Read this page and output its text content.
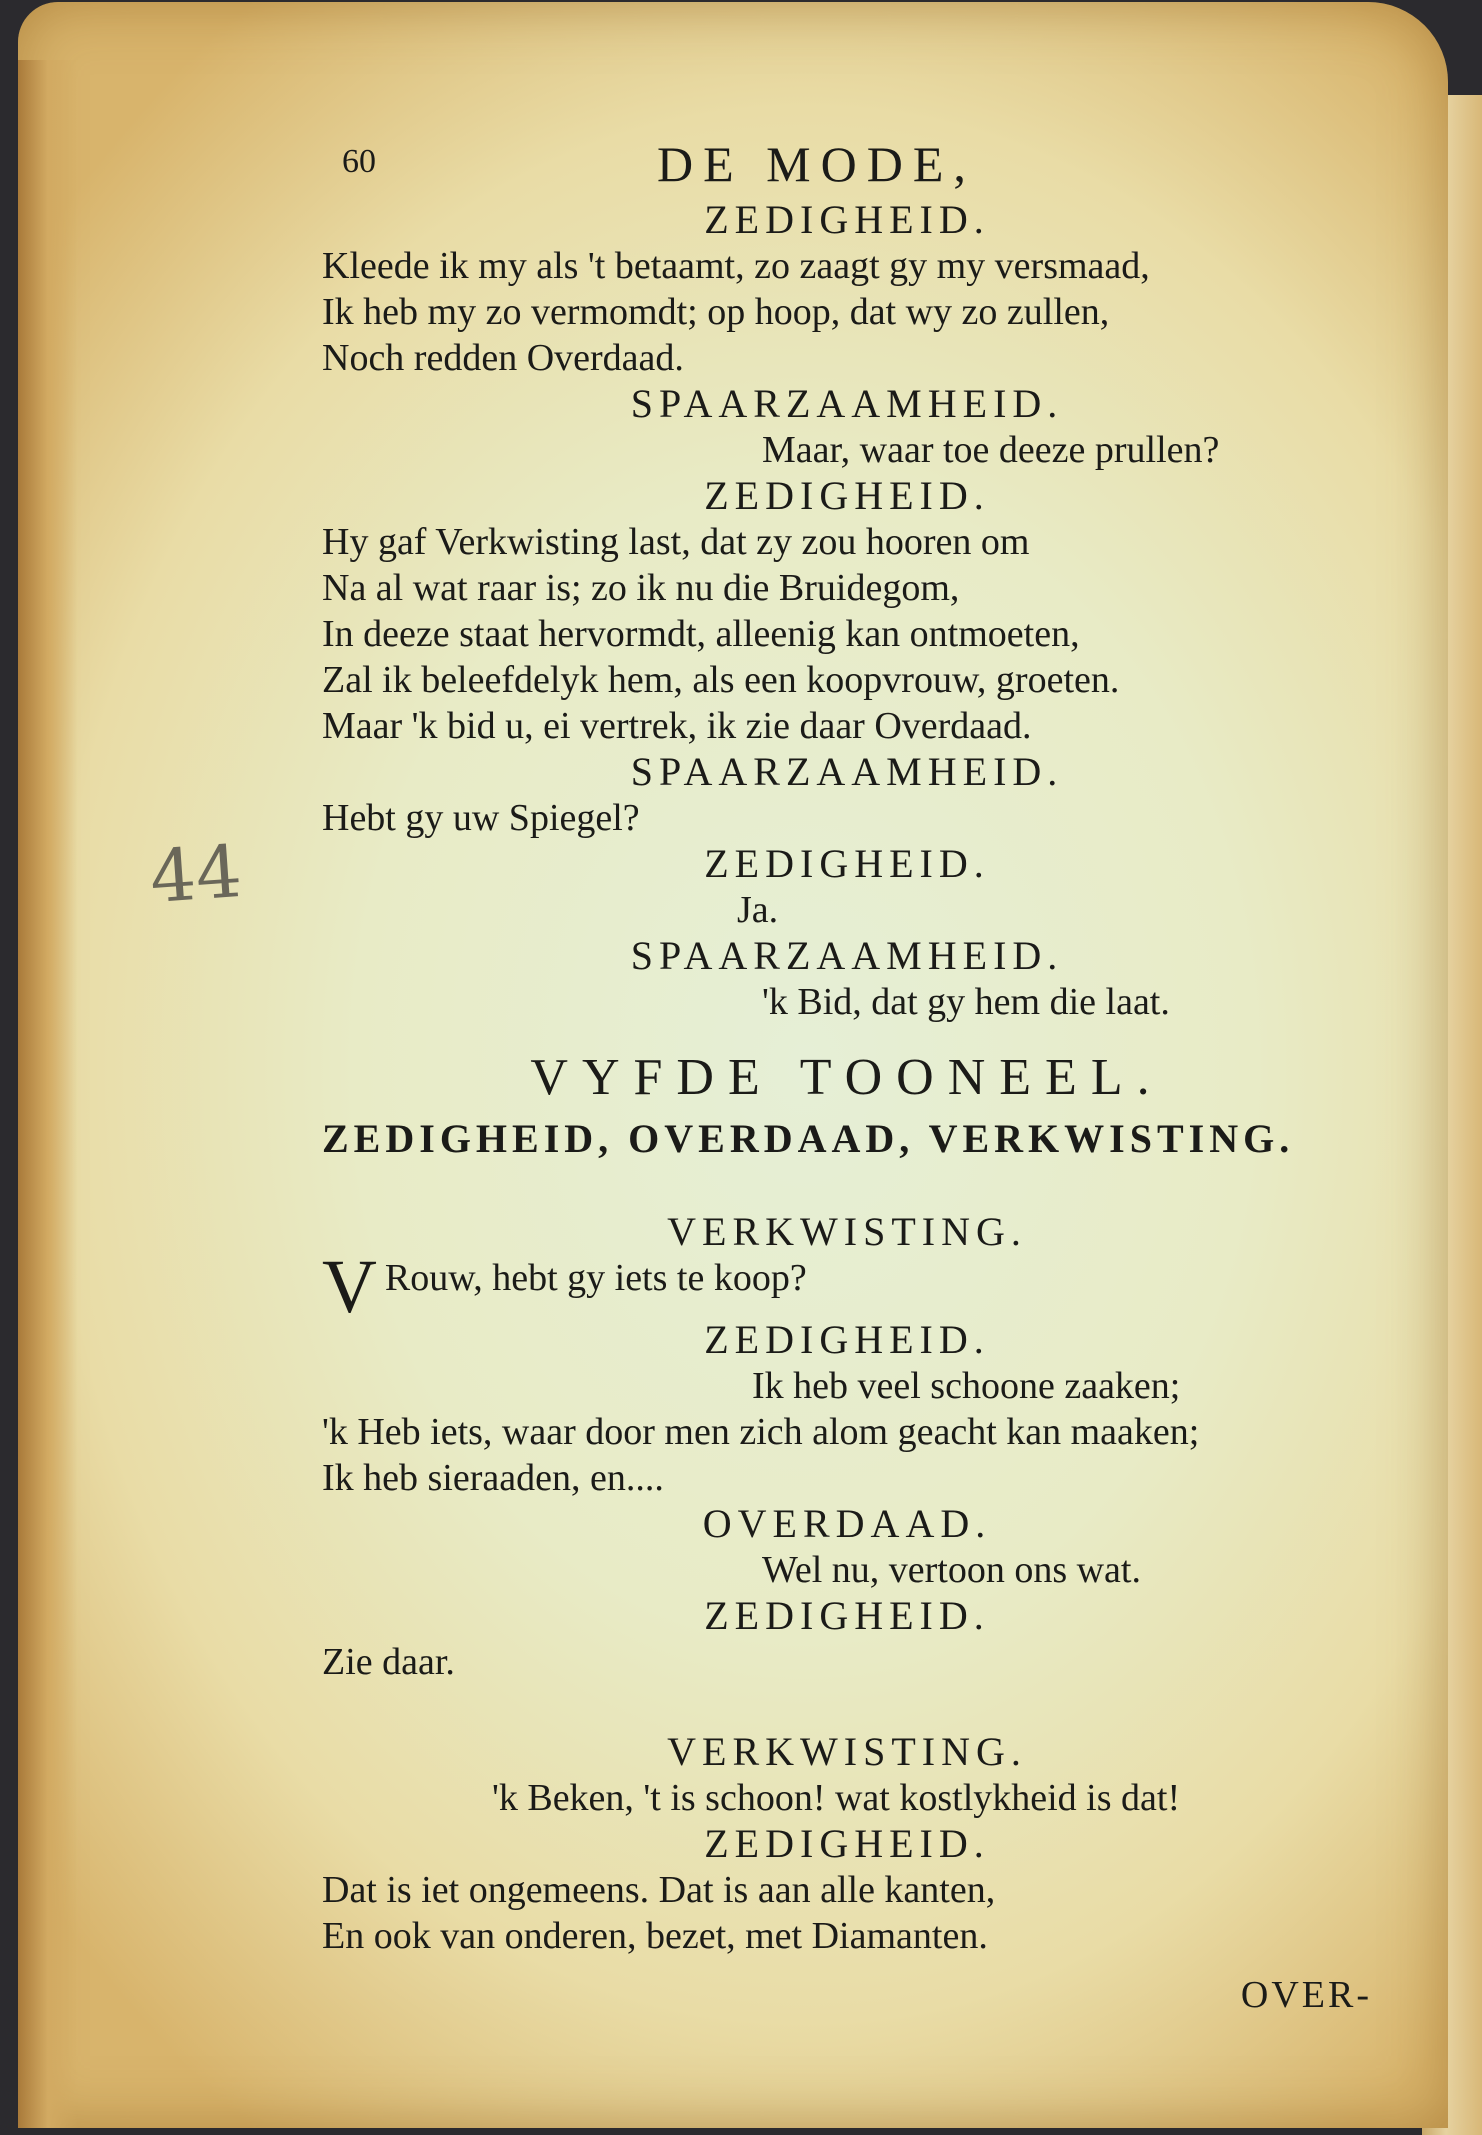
44
60	DE MODE,
ZEDIGHEID.
Kleede ik my als 't betaamt, zo zaagt gy my versmaad,
Ik heb my zo vermomdt; op hoop, dat wy zo zullen,
Noch redden Overdaad.
SPAARZAAMHEID.
Maar, waar toe deeze prullen?
ZEDIGHEID.
Hy gaf Verkwisting last, dat zy zou hooren om
Na al wat raar is; zo ik nu die Bruidegom,
In deeze staat hervormdt, alleenig kan ontmoeten,
Zal ik beleefdelyk hem, als een koopvrouw, groeten.
Maar 'k bid u, ei vertrek, ik zie daar Overdaad.
SPAARZAAMHEID.
Hebt gy uw Spiegel?
ZEDIGHEID.
Ja.
SPAARZAAMHEID.
'k Bid, dat gy hem die laat.
VYFDE TOONEEL.
ZEDIGHEID, OVERDAAD, VERKWISTING.
VERKWISTING.
V Rouw, hebt gy iets te koop?
ZEDIGHEID.
Ik heb veel schoone zaaken;
'k Heb iets, waar door men zich alom geacht kan maaken;
Ik heb sieraaden, en....
OVERDAAD.
Wel nu, vertoon ons wat.
ZEDIGHEID.
Zie daar.
VERKWISTING.
'k Beken, 't is schoon! wat kostlykheid is dat!
ZEDIGHEID.
Dat is iet ongemeens. Dat is aan alle kanten,
En ook van onderen, bezet, met Diamanten.
OVER-
